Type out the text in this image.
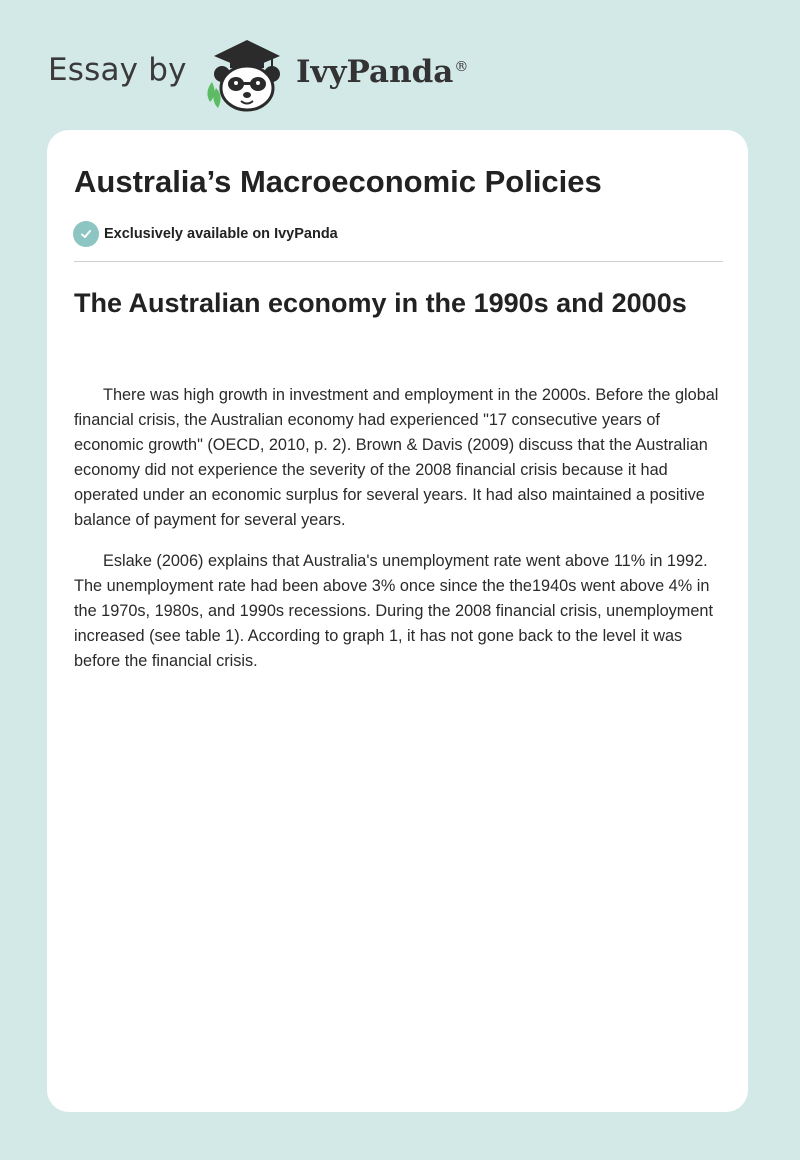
Essay by	IvyPanda®
Australia’s Macroeconomic Policies
Exclusively available on IvyPanda
The Australian economy in the 1990s and 2000s

There was high growth in investment and employment in the 2000s. Before the global financial crisis, the Australian economy had experienced "17 consecutive years of economic growth" (OECD, 2010, p. 2). Brown & Davis (2009) discuss that the Australian economy did not experience the severity of the 2008 financial crisis because it had operated under an economic surplus for several years. It had also maintained a positive balance of payment for several years.

Eslake (2006) explains that Australia's unemployment rate went above 11% in 1992. The unemployment rate had been above 3% once since the the1940s went above 4% in the 1970s, 1980s, and 1990s recessions. During the 2008 financial crisis, unemployment increased (see table 1). According to graph 1, it has not gone back to the level it was before the financial crisis.
